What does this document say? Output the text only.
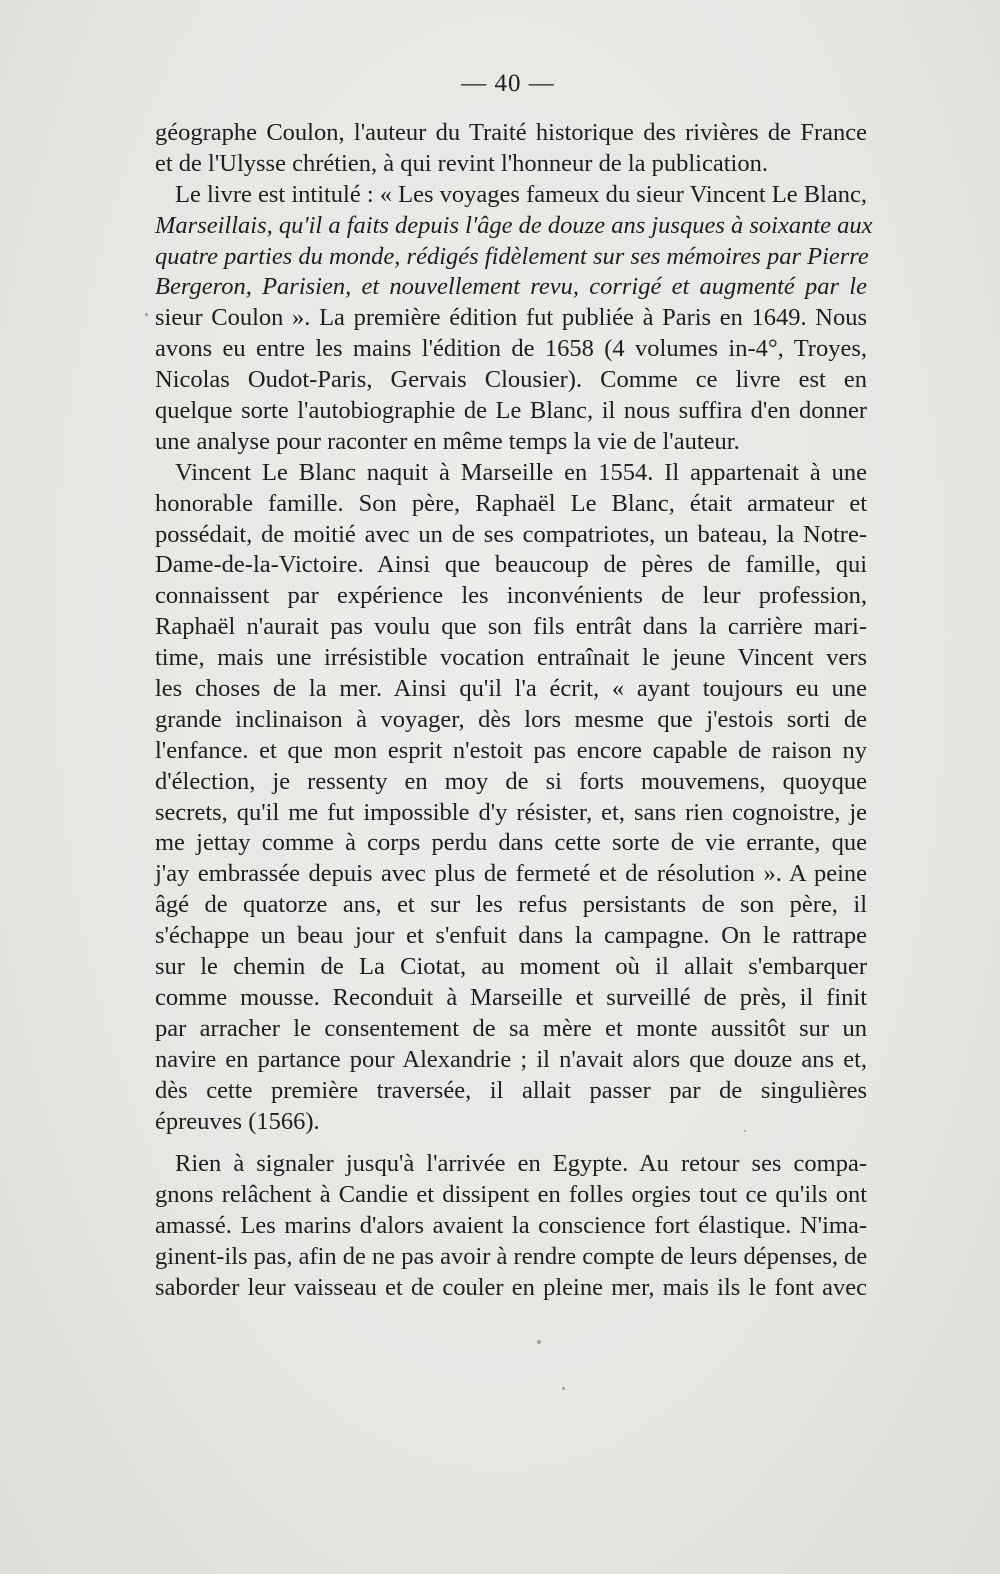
— 40 —
géographe Coulon, l'auteur du Traité historique des rivières de France
et de l'Ulysse chrétien, à qui revint l'honneur de la publication.
Le livre est intitulé : « Les voyages fameux du sieur Vincent Le Blanc,
Marseillais, qu'il a faits depuis l'âge de douze ans jusques à soixante aux
quatre parties du monde, rédigés fidèlement sur ses mémoires par Pierre
Bergeron, Parisien, et nouvellement revu, corrigé et augmenté par le
sieur Coulon ». La première édition fut publiée à Paris en 1649. Nous
avons eu entre les mains l'édition de 1658 (4 volumes in-4°, Troyes,
Nicolas Oudot-Paris, Gervais Clousier). Comme ce livre est en
quelque sorte l'autobiographie de Le Blanc, il nous suffira d'en donner
une analyse pour raconter en même temps la vie de l'auteur.
Vincent Le Blanc naquit à Marseille en 1554. Il appartenait à une
honorable famille. Son père, Raphaël Le Blanc, était armateur et
possédait, de moitié avec un de ses compatriotes, un bateau, la Notre-
Dame-de-la-Victoire. Ainsi que beaucoup de pères de famille, qui
connaissent par expérience les inconvénients de leur profession,
Raphaël n'aurait pas voulu que son fils entrât dans la carrière mari-
time, mais une irrésistible vocation entraînait le jeune Vincent vers
les choses de la mer. Ainsi qu'il l'a écrit, « ayant toujours eu une
grande inclinaison à voyager, dès lors mesme que j'estois sorti de
l'enfance. et que mon esprit n'estoit pas encore capable de raison ny
d'élection, je ressenty en moy de si forts mouvemens, quoyque
secrets, qu'il me fut impossible d'y résister, et, sans rien cognoistre, je
me jettay comme à corps perdu dans cette sorte de vie errante, que
j'ay embrassée depuis avec plus de fermeté et de résolution ». A peine
âgé de quatorze ans, et sur les refus persistants de son père, il
s'échappe un beau jour et s'enfuit dans la campagne. On le rattrape
sur le chemin de La Ciotat, au moment où il allait s'embarquer
comme mousse. Reconduit à Marseille et surveillé de près, il finit
par arracher le consentement de sa mère et monte aussitôt sur un
navire en partance pour Alexandrie ; il n'avait alors que douze ans et,
dès cette première traversée, il allait passer par de singulières
épreuves (1566).
Rien à signaler jusqu'à l'arrivée en Egypte. Au retour ses compa-
gnons relâchent à Candie et dissipent en folles orgies tout ce qu'ils ont
amassé. Les marins d'alors avaient la conscience fort élastique. N'ima-
ginent-ils pas, afin de ne pas avoir à rendre compte de leurs dépenses, de
saborder leur vaisseau et de couler en pleine mer, mais ils le font avec
